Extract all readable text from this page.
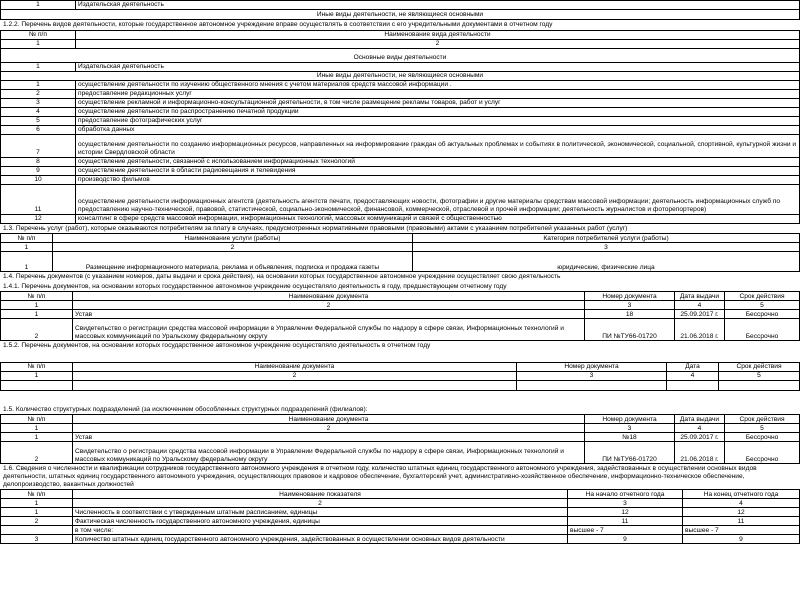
1	Издательская деятельность
Иные виды деятельности, не являющиеся основными
1.2.2. Перечень видов деятельности, которые государственное автономное учреждение вправе осуществлять в соответствии с его учредительными документами в отчетном году
№ п/п	Наименование вида деятельности
1	2
Основные виды деятельности	
1	Издательская деятельность
Иные виды деятельности, не являющиеся основными	
1	осуществление деятельности по изучению общественного мнения с учетом материалов средств массовой информации .
2	предоставление редакционных услуг
3	осуществление рекламной и информационно-консультационной деятельности, в том числе размещение рекламы товаров, работ и услуг
4	осуществление деятельности по распространению печатной продукции
5	предоставление фотографических услуг
6	обработка данных
7	осуществление деятельности по созданию информационных ресурсов, направленных на информирование граждан об актуальных проблемах и событиях в политической, экономической, социальной, спортивной, культурной жизни и истории Свердловской области
8	осуществление деятельности, связанной с использованием информационных технологий
9	осуществление деятельности в области радиовещания и телевидения
10	производство фильмов
11	осуществление деятельности информационных агентств (деятельность агентств печати, предоставляющих новости, фотографии и другие материалы средствам массовой информации; деятельность информационных служб по предоставлению научно-технической, правовой, статистической, социально-экономической, финансовой, коммерческой, отраслевой и прочей информации; деятельность журналистов и фоторепортеров)
12	консалтинг в сфере средств массовой информации, информационных технологий, массовых коммуникаций и связей с общественностью
1.3. Перечень услуг (работ), которые оказываются потребителям за плату в случаях, предусмотренных нормативными правовыми (правовыми) актами с указанием потребителей указанных работ (услуг)
№ п/п	Наименование услуги (работы)	Категория потребителей услуги (работы)
1	2	3
1	Размещение информационного материала, реклама и объявления, подписка и продажа газеты	юридические, физические лица
1.4. Перечень документов (с указанием номеров, даты выдачи и срока действия), на основании которых государственное автономное учреждение осуществляет свою деятельность
1.4.1. Перечень документов, на основании которых государственное автономное учреждение осуществляло деятельность в году, предшествующем отчетному году
№ п/п	Наименование документа	Номер документа	Дата выдачи	Срок действия
1	2	3	4	5
1	Устав	18	25.09.2017 г.	Бессрочно
2	Свидетельство о регистрации средства массовой информации в Управлении Федеральной службы по надзору в сфере связи, Информационных технологий и массовых коммуникаций по Уральскому федеральному округу	ПИ №ТУ66-01720	21.06.2018 г.	Бессрочно
1.5.2. Перечень документов, на основании которых государственное автономное учреждение осуществляло деятельность в отчетном году
№ п/п	Наименование документа	Номер документа	Дата	Срок действия
1	2	3	4	5

1.5. Количество структурных подразделений (за исключением обособленных структурных подразделений (филиалов):
№ п/п	Наименование документа	Номер документа	Дата выдачи	Срок действия
1	2	3	4	5
1	Устав	№18	25.09.2017 г.	Бессрочно
2	Свидетельство о регистрации средства массовой информации в Управлении Федеральной службы по надзору в сфере связи, Информационных технологий и массовых коммуникаций по Уральскому федеральному округу	ПИ №ТУ66-01720	21.06.2018 г.	Бессрочно
1.6. Сведения о численности и квалификации сотрудников государственного автономного учреждения в отчетном году, количество штатных единиц государственного автономного учреждения, задействованных в осуществлении основных видов деятельности, штатных единиц государственного автономного учреждения, осуществляющих правовое и кадровое обеспечение, бухгалтерский учет, административно-хозяйственное обеспечение, информационно-техническое обеспечение, делопроизводство, вакантных должностей
№ п/п	Наименование показателя	На начало отчетного года	На конец отчетного года
1	2	3	4
1	Численность в соответствии с утвержденным штатным расписанием, единицы	12	12
2	Фактическая численность государственного автономного учреждения, единицы	11	11
	в том числе:	высшее - 7	высшее - 7
3	Количество штатных единиц государственного автономного учреждения, задействованных в осуществлении основных видов деятельности	9	9
